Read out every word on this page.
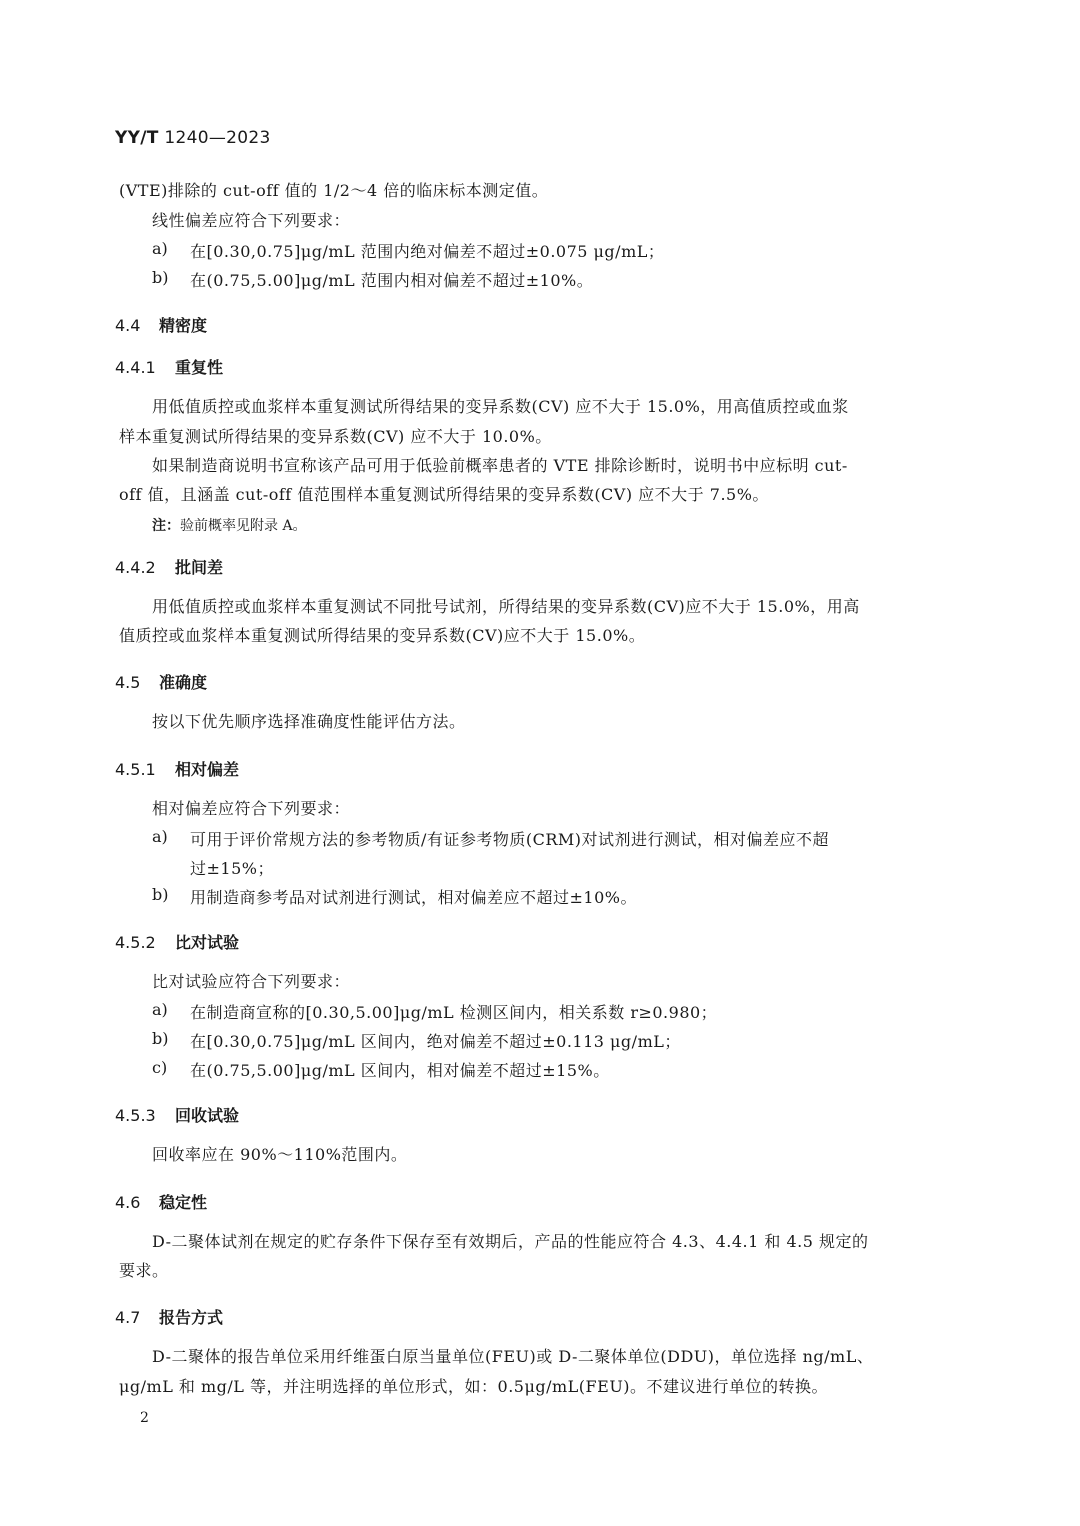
YY/T 1240—2023
(VTE)排除的 cut-off 值的 1/2～4 倍的临床标本测定值。
线性偏差应符合下列要求：
a) 在[0.30,0.75]μg/mL 范围内绝对偏差不超过±0.075 μg/mL；
b) 在(0.75,5.00]μg/mL 范围内相对偏差不超过±10%。
4.4 精密度
4.4.1 重复性
用低值质控或血浆样本重复测试所得结果的变异系数(CV) 应不大于 15.0%，用高值质控或血浆
样本重复测试所得结果的变异系数(CV) 应不大于 10.0%。
如果制造商说明书宣称该产品可用于低验前概率患者的 VTE 排除诊断时，说明书中应标明 cut-
off 值，且涵盖 cut-off 值范围样本重复测试所得结果的变异系数(CV) 应不大于 7.5%。
注：验前概率见附录 A。
4.4.2 批间差
用低值质控或血浆样本重复测试不同批号试剂，所得结果的变异系数(CV)应不大于 15.0%，用高
值质控或血浆样本重复测试所得结果的变异系数(CV)应不大于 15.0%。
4.5 准确度
按以下优先顺序选择准确度性能评估方法。
4.5.1 相对偏差
相对偏差应符合下列要求：
a) 可用于评价常规方法的参考物质/有证参考物质(CRM)对试剂进行测试，相对偏差应不超
过±15%；
b) 用制造商参考品对试剂进行测试，相对偏差应不超过±10%。
4.5.2 比对试验
比对试验应符合下列要求：
a) 在制造商宣称的[0.30,5.00]μg/mL 检测区间内，相关系数 r≥0.980；
b) 在[0.30,0.75]μg/mL 区间内，绝对偏差不超过±0.113 μg/mL；
c) 在(0.75,5.00]μg/mL 区间内，相对偏差不超过±15%。
4.5.3 回收试验
回收率应在 90%～110%范围内。
4.6 稳定性
D-二聚体试剂在规定的贮存条件下保存至有效期后，产品的性能应符合 4.3、4.4.1 和 4.5 规定的
要求。
4.7 报告方式
D-二聚体的报告单位采用纤维蛋白原当量单位(FEU)或 D-二聚体单位(DDU)，单位选择 ng/mL、
μg/mL 和 mg/L 等，并注明选择的单位形式，如：0.5μg/mL(FEU)。不建议进行单位的转换。
2
